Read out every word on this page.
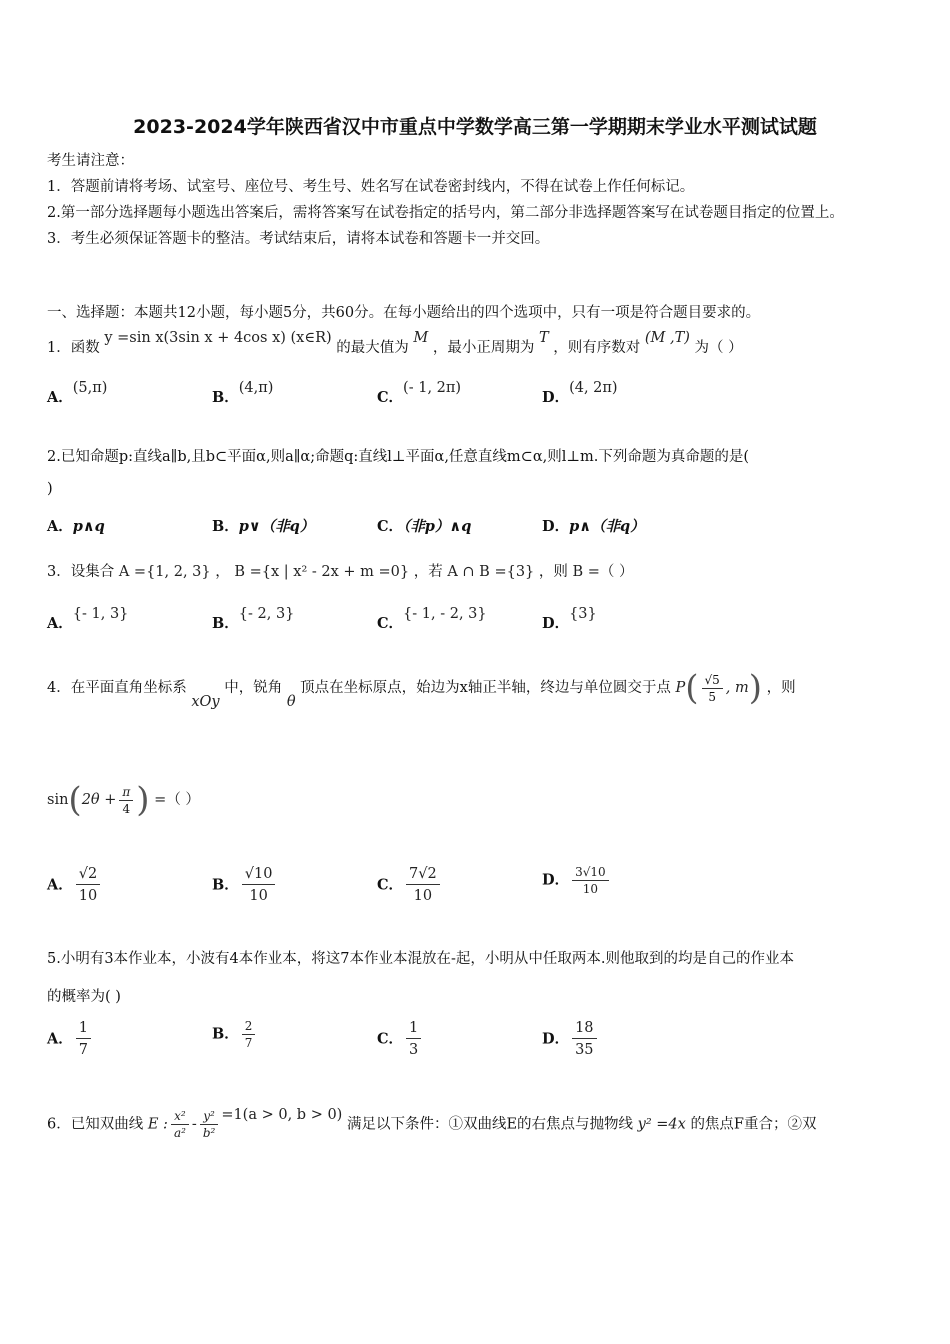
2023-2024学年陕西省汉中市重点中学数学高三第一学期期末学业水平测试试题
考生请注意：
1．答题前请将考场、试室号、座位号、考生号、姓名写在试卷密封线内，不得在试卷上作任何标记。
2.第一部分选择题每小题选出答案后，需将答案写在试卷指定的括号内，第二部分非选择题答案写在试卷题目指定的位置上。
3．考生必须保证答题卡的整洁。考试结束后，请将本试卷和答题卡一并交回。
一、选择题：本题共12小题，每小题5分，共60分。在每小题给出的四个选项中，只有一项是符合题目要求的。
1．函数 y =sin x(3sin x + 4cos x) (x∈R) 的最大值为 M ，最小正周期为 T ，则有序数对 (M ,T) 为（ ）
A．(5,π)
B．(4,π)
C．(- 1, 2π)
D．(4, 2π)
2.已知命题p:直线a∥b,且b⊂平面α,则a∥α;命题q:直线l⊥平面α,任意直线m⊂α,则l⊥m.下列命题为真命题的是(
)
A．p∧q	B．p∨（非q）	C．（非p）∧q	D．p∧（非q）
3．设集合 A ={1, 2, 3} ， B ={x | x² - 2x + m =0} ，若 A ∩ B ={3} ，则 B =（ ）
A．{- 1, 3}
B．{- 2, 3}
C．{- 1, - 2, 3}
D．{3}
4．在平面直角坐标系 xOy 中，锐角 θ 顶点在坐标原点，始边为x轴正半轴，终边与单位圆交于点 $P( \frac{√5}{5}$ , m) ，则
$\sin(2\theta + \frac{\pi}{4}$ ) =（ ）
A． $\frac{√2}{10}$	B． $\frac{√10}{10}$	C． $\frac{7√2}{10}$	D． $\frac{3√10}{10}$
5.小明有3本作业本，小波有4本作业本，将这7本作业本混放在-起，小明从中任取两本.则他取到的均是自己的作业本
的概率为( )
A． $\frac{1}{7}$	B． $\frac{2}{7}$	C． $\frac{1}{3}$	D． $\frac{18}{35}$
6．已知双曲线 E : $\frac{\text{x²}}{\text{a²}} - \frac{\text{y²}}{\text{b²}} =1(a > 0$, b > 0) 满足以下条件：①双曲线E的右焦点与抛物线 y² =4x 的焦点F重合；②双
